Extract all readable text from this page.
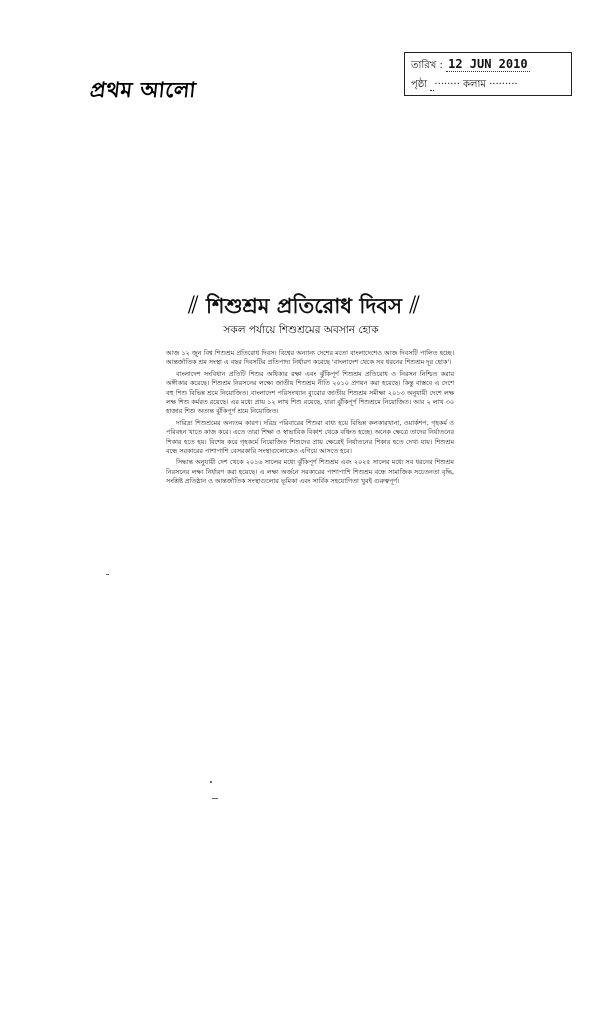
প্রথম আলো
তারিখ : 12 JUN 2010
পৃষ্ঠা ········ কলাম ·········
⫽ শিশুশ্রম প্রতিরোধ দিবস ⫽
সকল পর্যায়ে শিশুশ্রমের অবসান হোক

আজ ১২ জুন বিশ্ব শিশুশ্রম প্রতিরোধ দিবস। বিশ্বের অন্যান্য দেশের মতো বাংলাদেশেও আজ দিবসটি পালিত হচ্ছে। আন্তর্জাতিক শ্রম সংস্থা এ বছর দিবসটির প্রতিপাদ্য নির্ধারণ করেছে 'বাংলাদেশ থেকে সব ধরনের শিশুশ্রম দূর হোক'।

বাংলাদেশ সংবিধান প্রতিটি শিশুর অধিকার রক্ষা এবং ঝুঁকিপূর্ণ শিশুশ্রম প্রতিরোধ ও নিরসন নিশ্চিত করার অঙ্গীকার করেছে। শিশুশ্রম নিরসনের লক্ষ্যে জাতীয় শিশুশ্রম নীতি ২০১০ প্রণয়ন করা হয়েছে। কিন্তু বাস্তবে এ দেশে বহু শিশু বিভিন্ন শ্রমে নিয়োজিত। বাংলাদেশ পরিসংখ্যান ব্যুরোর জাতীয় শিশুশ্রম সমীক্ষা ২০১৩ অনুযায়ী দেশে লক্ষ লক্ষ শিশু কর্মরত রয়েছে। এর মধ্যে প্রায় ১২ লাখ শিশু রয়েছে, যারা ঝুঁকিপূর্ণ শিশুশ্রমে নিয়োজিত। আর ২ লাখ ৩০ হাজার শিশু অত্যন্ত ঝুঁকিপূর্ণ শ্রমে নিয়োজিত।

দারিদ্র্য শিশুশ্রমের অন্যতম কারণ। দরিদ্র পরিবারের শিশুরা বাধ্য হয়ে বিভিন্ন কলকারখানা, ওয়ার্কশপ, গৃহকর্ম ও পরিবহন খাতে কাজ করে। এতে তারা শিক্ষা ও স্বাভাবিক বিকাশ থেকে বঞ্চিত হচ্ছে। অনেক ক্ষেত্রে তাদের নির্যাতনের শিকার হতে হয়। বিশেষ করে গৃহকর্মে নিয়োজিত শিশুদের প্রায় ক্ষেত্রেই নির্যাতনের শিকার হতে দেখা যায়। শিশুশ্রম বন্ধে সরকারের পাশাপাশি বেসরকারি সংস্থাগুলোকেও এগিয়ে আসতে হবে।

সিদ্ধান্ত অনুযায়ী দেশ থেকে ২০১৬ সালের মধ্যে ঝুঁকিপূর্ণ শিশুশ্রম এবং ২০২৫ সালের মধ্যে সব ধরনের শিশুশ্রম নিরসনের লক্ষ্য নির্ধারণ করা হয়েছে। এ লক্ষ্য অর্জনে সরকারের পাশাপাশি শিশুশ্রম বন্ধে সামাজিক সচেতনতা বৃদ্ধি, সংশ্লিষ্ট প্রতিষ্ঠান ও আন্তর্জাতিক সংস্থাগুলোর ভূমিকা এবং সার্বিক সহযোগিতা খুবই গুরুত্বপূর্ণ।
